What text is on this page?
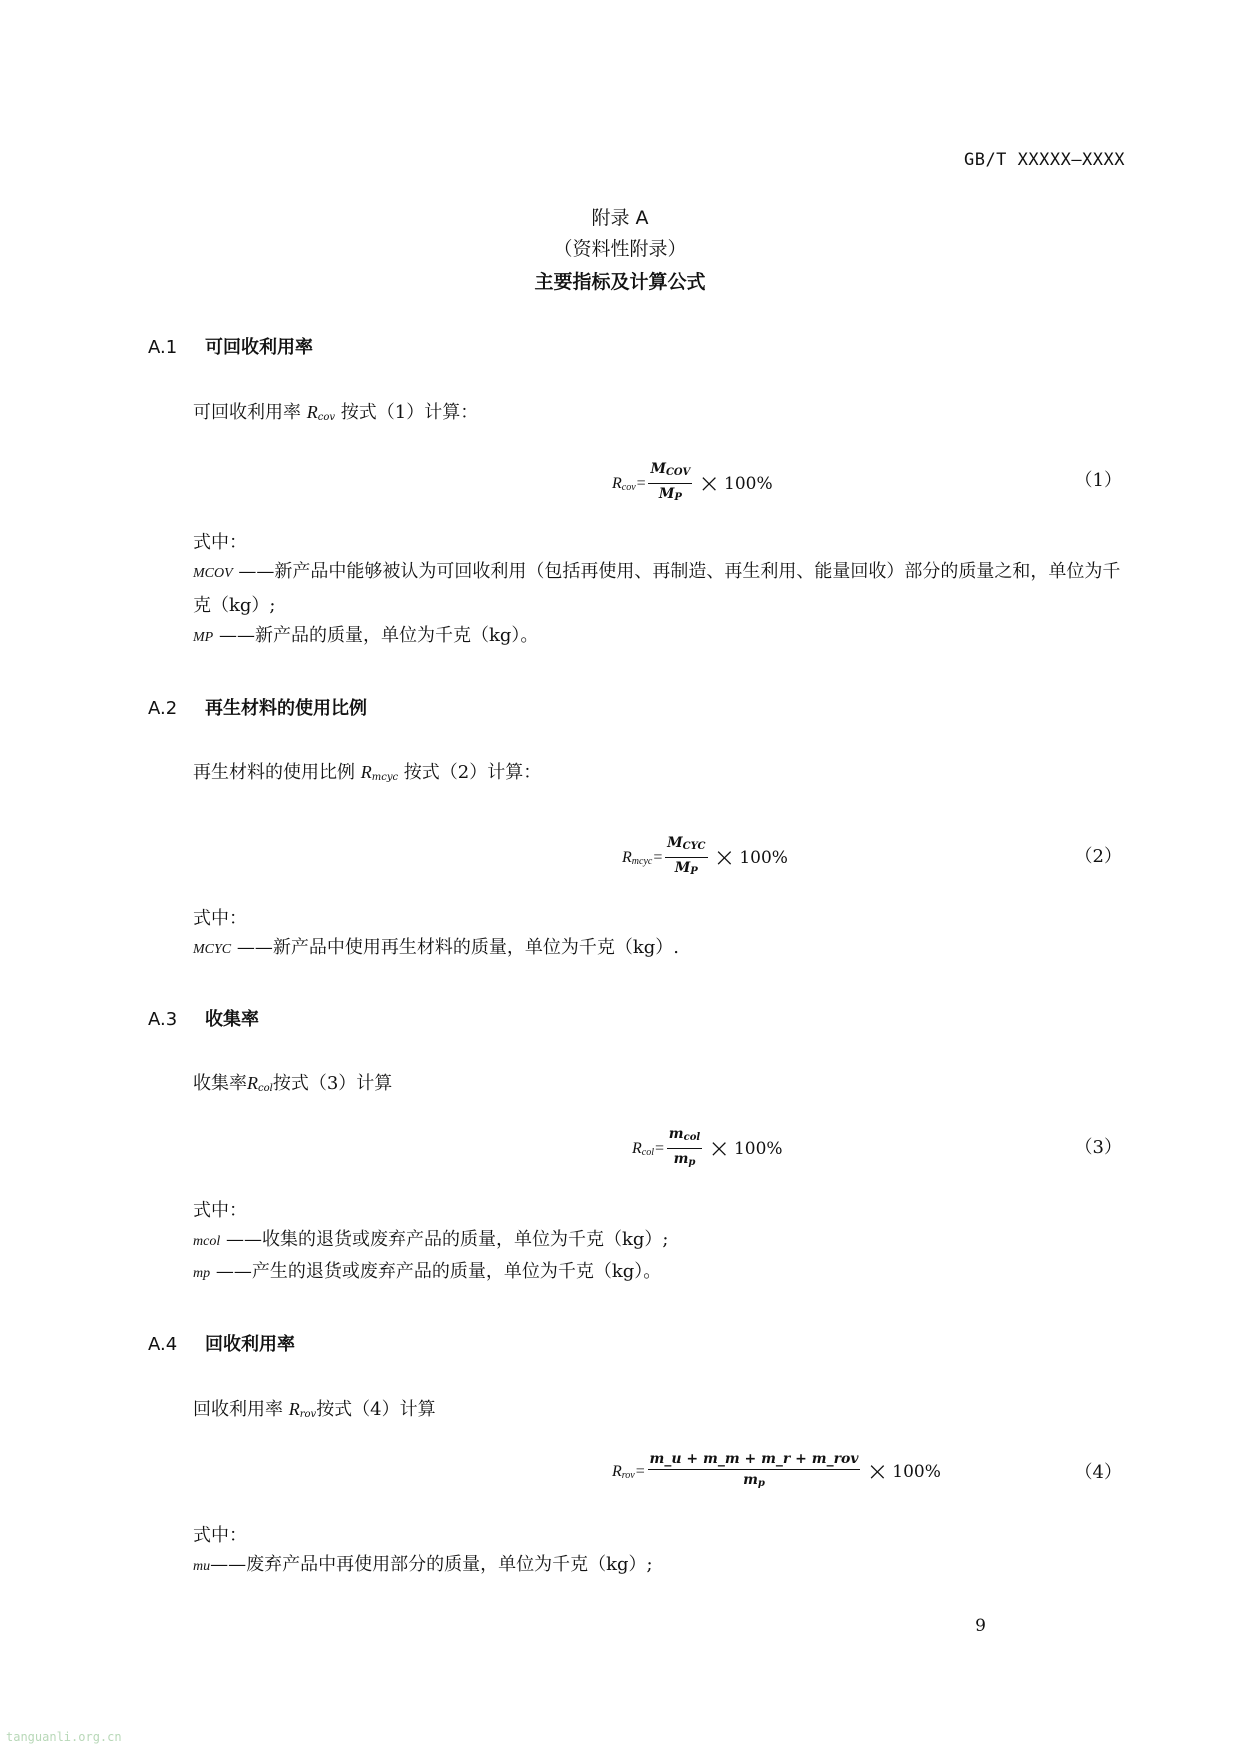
GB/T XXXXX—XXXX
附录 A
（资料性附录）
主要指标及计算公式
A.1 可回收利用率
可回收利用率 $R_{cov}$ 按式（1）计算：
$R_{cov}= \frac{M_{COV}}{M_P} \times 100\%$	（1）
式中：
MCOV ——新产品中能够被认为可回收利用（包括再使用、再制造、再生利用、能量回收）部分的质量之和，单位为千克（kg）;
MP ——新产品的质量，单位为千克（kg）。
A.2 再生材料的使用比例
再生材料的使用比例 $R_{mcyc}$ 按式（2）计算：
$R_{mcyc}= \frac{M_{CYC}}{M_P} \times 100\%$	（2）
式中：
MCYC ——新产品中使用再生材料的质量，单位为千克（kg）.
A.3 收集率
收集率$R_{col}$按式（3）计算
$R_{col}= \frac{m_{col}}{m_p} \times 100\%$	（3）
式中：
mcol ——收集的退货或废弃产品的质量，单位为千克（kg）;
mp ——产生的退货或废弃产品的质量，单位为千克（kg）。
A.4 回收利用率
回收利用率 $R_{rov}$按式（4）计算
$R_{rov}= \frac{\text{m\_u + m\_m + m\_r + m\_rov}}{m_p} \times 100\%$	（4）
式中：
mu——废弃产品中再使用部分的质量，单位为千克（kg）;
9
tanguanli.org.cn
